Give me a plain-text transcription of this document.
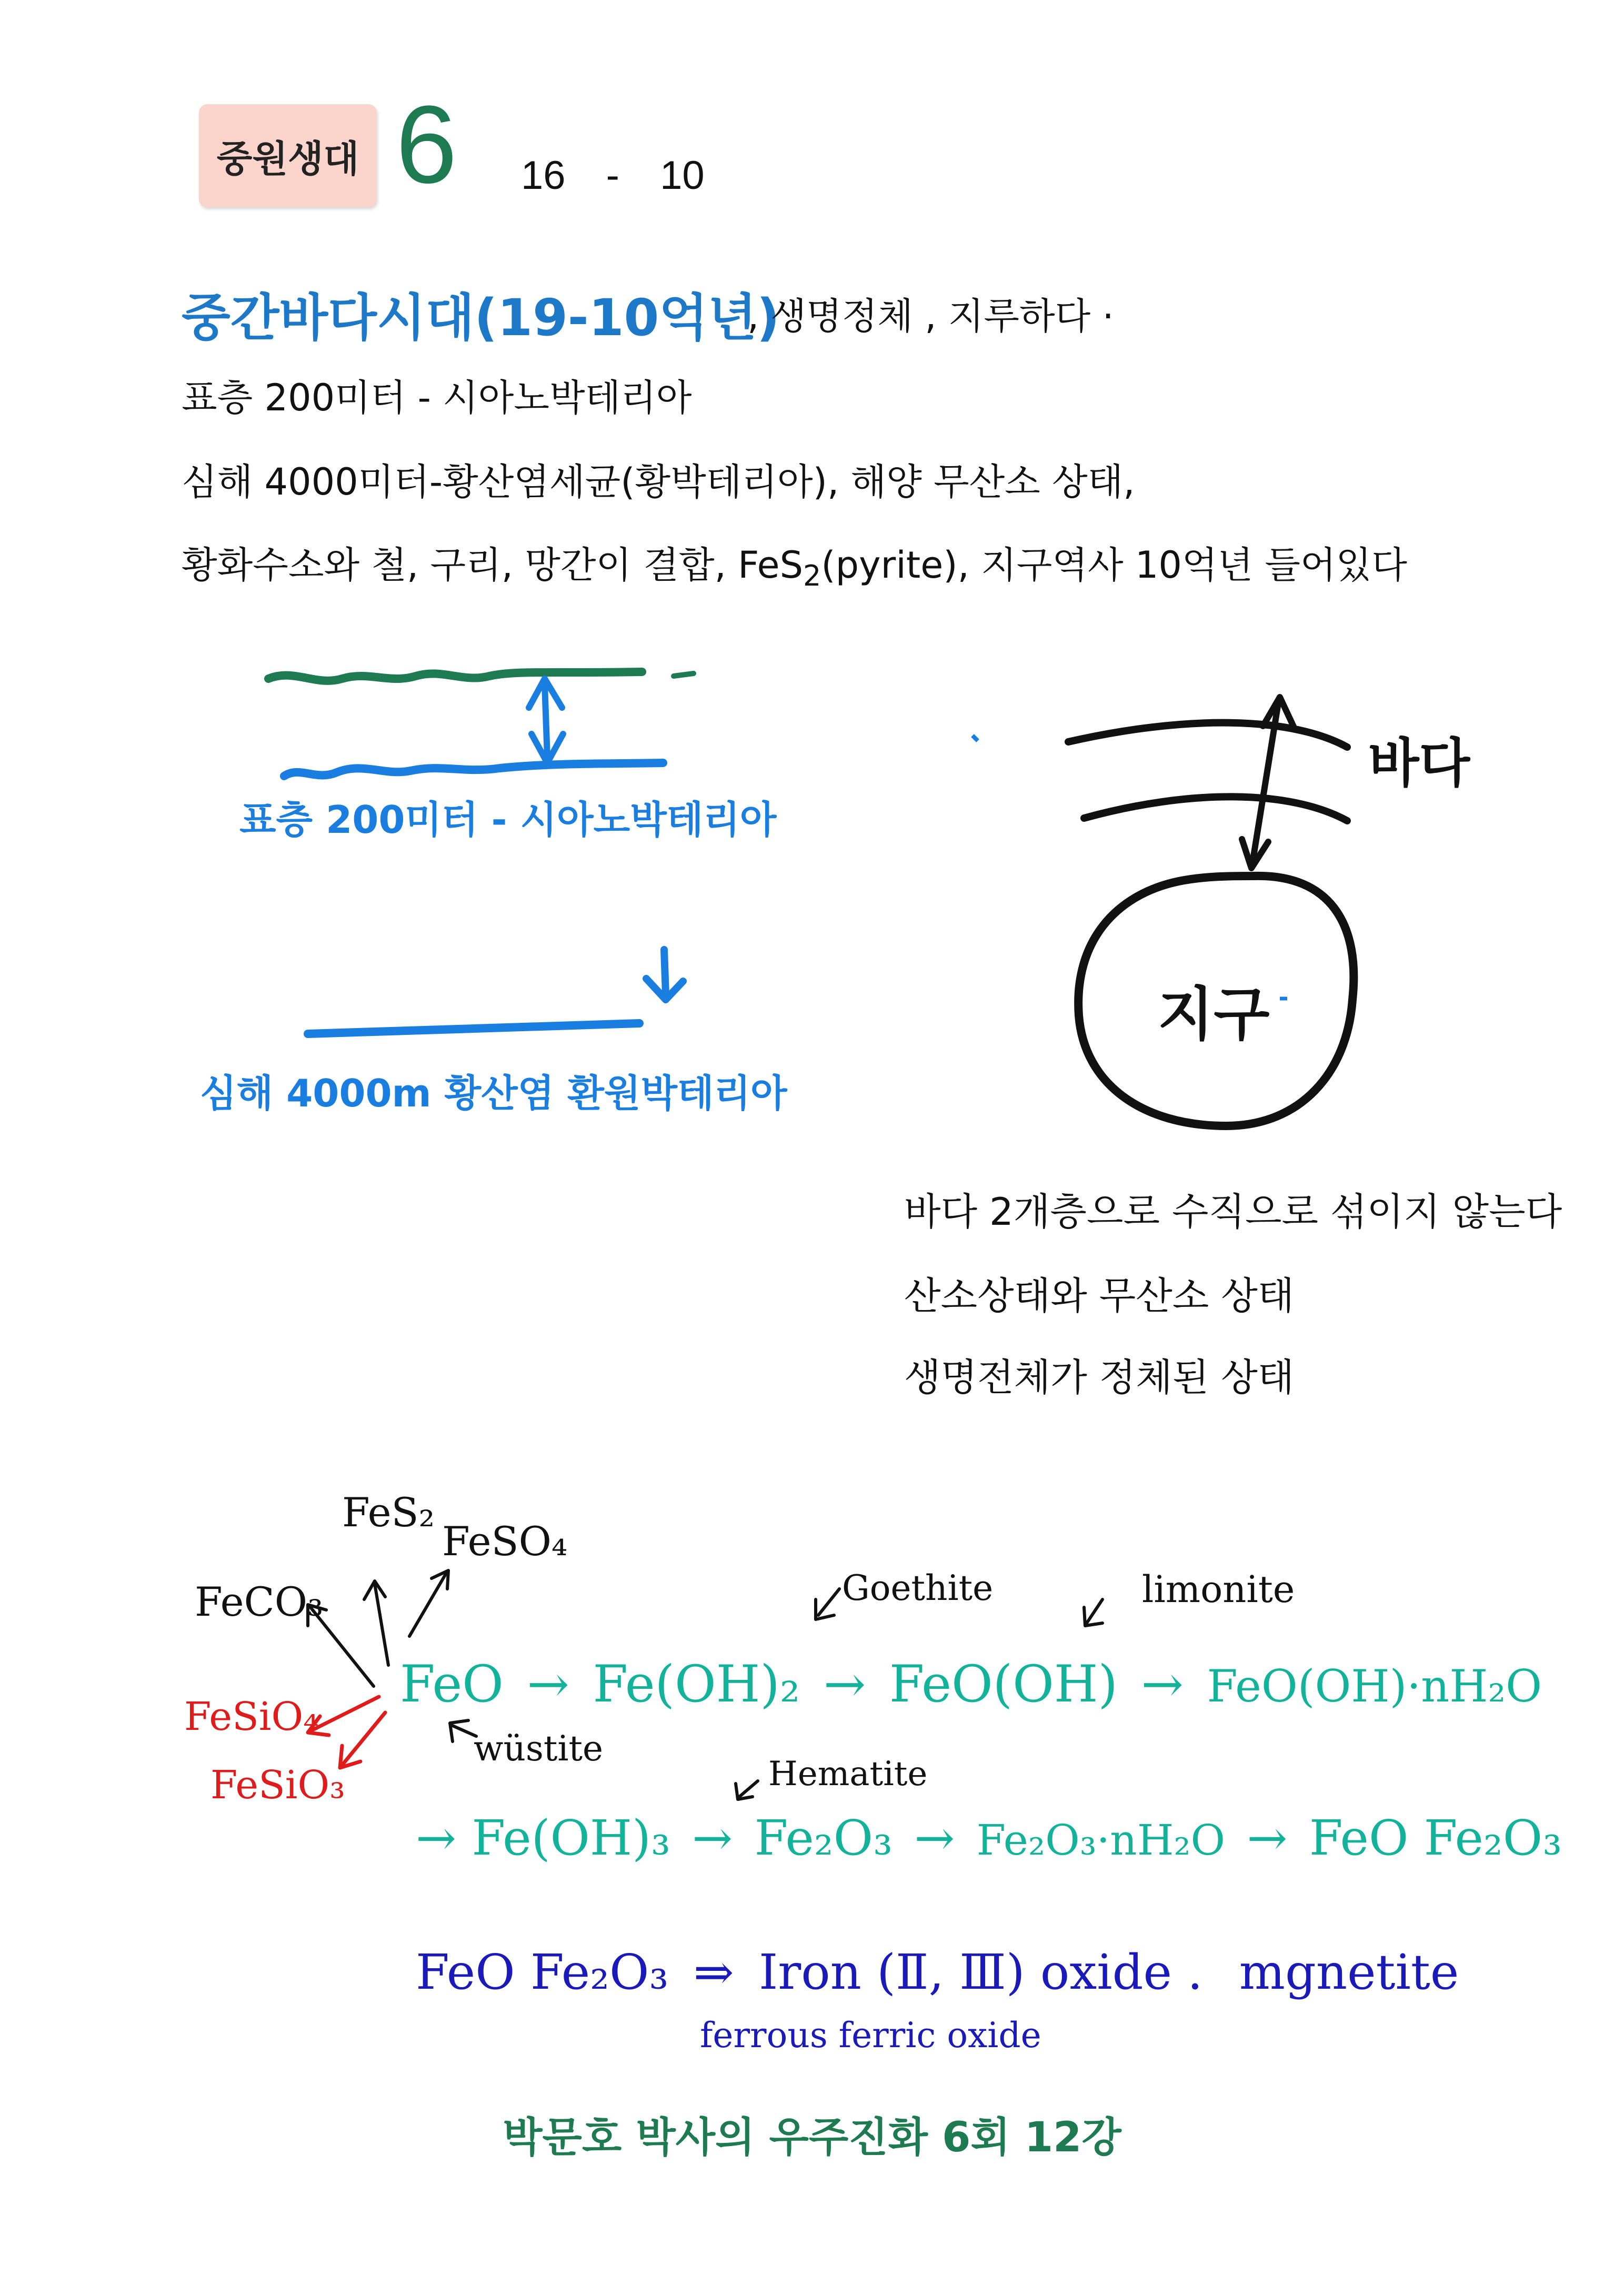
중원생대 6 16 - 10
중간바다시대(19-10억년)
, 생명정체 , 지루하다 ·
표층 200미터 - 시아노박테리아
심해 4000미터-황산염세균(황박테리아), 해양 무산소 상태,
황화수소와 철, 구리, 망간이 결합, FeS$_2$(pyrite), 지구역사 10억년 들어있다
표층 200미터 - 시아노박테리아
심해 4000m 황산염 환원박테리아
바다
지구
바다 2개층으로 수직으로 섞이지 않는다
산소상태와 무산소 상태
생명전체가 정체된 상태
FeS₂
FeSO₄
FeCO₃
wüstite
Goethite	limonite
Hematite
FeSiO₄
FeSiO₃
FeO → Fe(OH)₂ → FeO(OH) → FeO(OH)·nH₂O
→ Fe(OH)₃ → Fe₂O₃ → Fe₂O₃·nH₂O → FeO Fe₂O₃
FeO Fe₂O₃ ⇒ Iron (Ⅱ, Ⅲ) oxide . mgnetite
ferrous ferric oxide
박문호 박사의 우주진화 6회 12강
